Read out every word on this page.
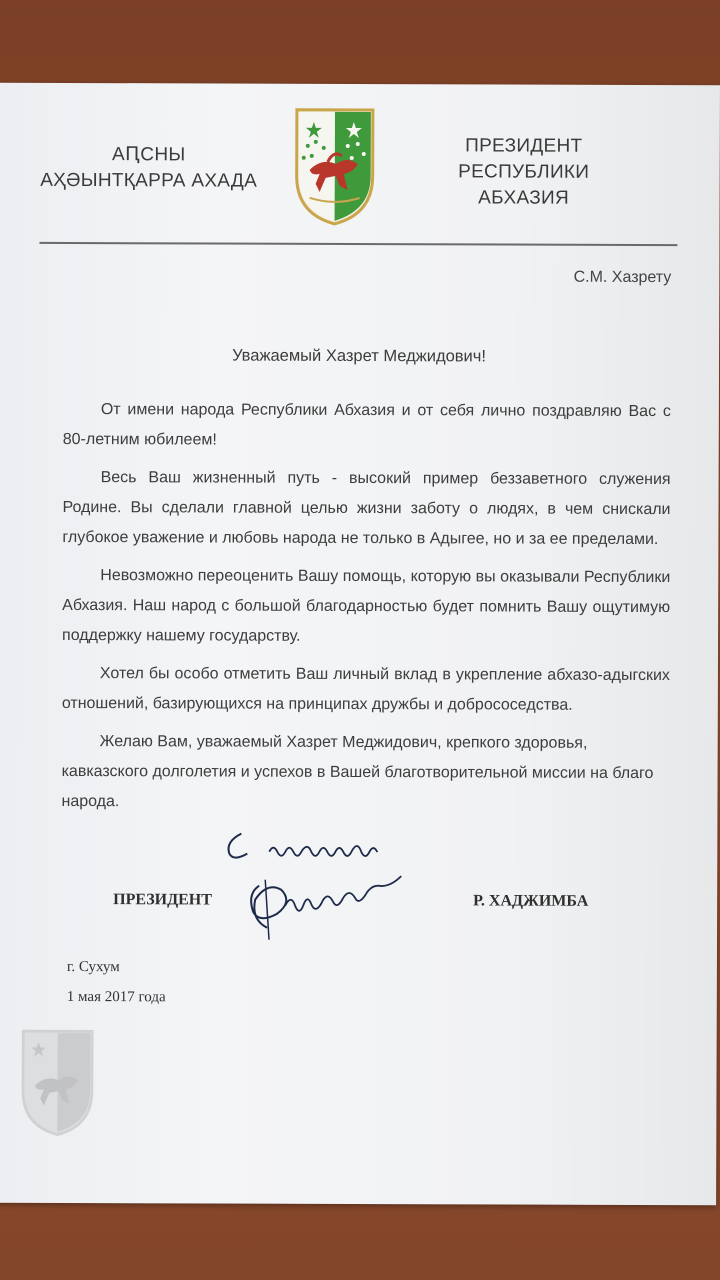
АԤСНЫ
АҲӘЫНТҚАРРА АХАДА
ПРЕЗИДЕНТ
РЕСПУБЛИКИ АБХАЗИЯ
С.М. Хазрету
Уважаемый Хазрет Меджидович!

От имени народа Республики Абхазия и от себя лично поздравляю Вас с 80-летним юбилеем!

Весь Ваш жизненный путь - высокий пример беззаветного служения Родине. Вы сделали главной целью жизни заботу о людях, в чем снискали глубокое уважение и любовь народа не только в Адыгее, но и за ее пределами.

Невозможно переоценить Вашу помощь, которую вы оказывали Республики Абхазия. Наш народ с большой благодарностью будет помнить Вашу ощутимую поддержку нашему государству.

Хотел бы особо отметить Ваш личный вклад в укрепление абхазо-адыгских отношений, базирующихся на принципах дружбы и добрососедства.

Желаю Вам, уважаемый Хазрет Меджидович, крепкого здоровья, кавказского долголетия и успехов в Вашей благотворительной миссии на благо народа.

ПРЕЗИДЕНТ	Р. ХАДЖИМБА
г. Сухум
1 мая 2017 года
